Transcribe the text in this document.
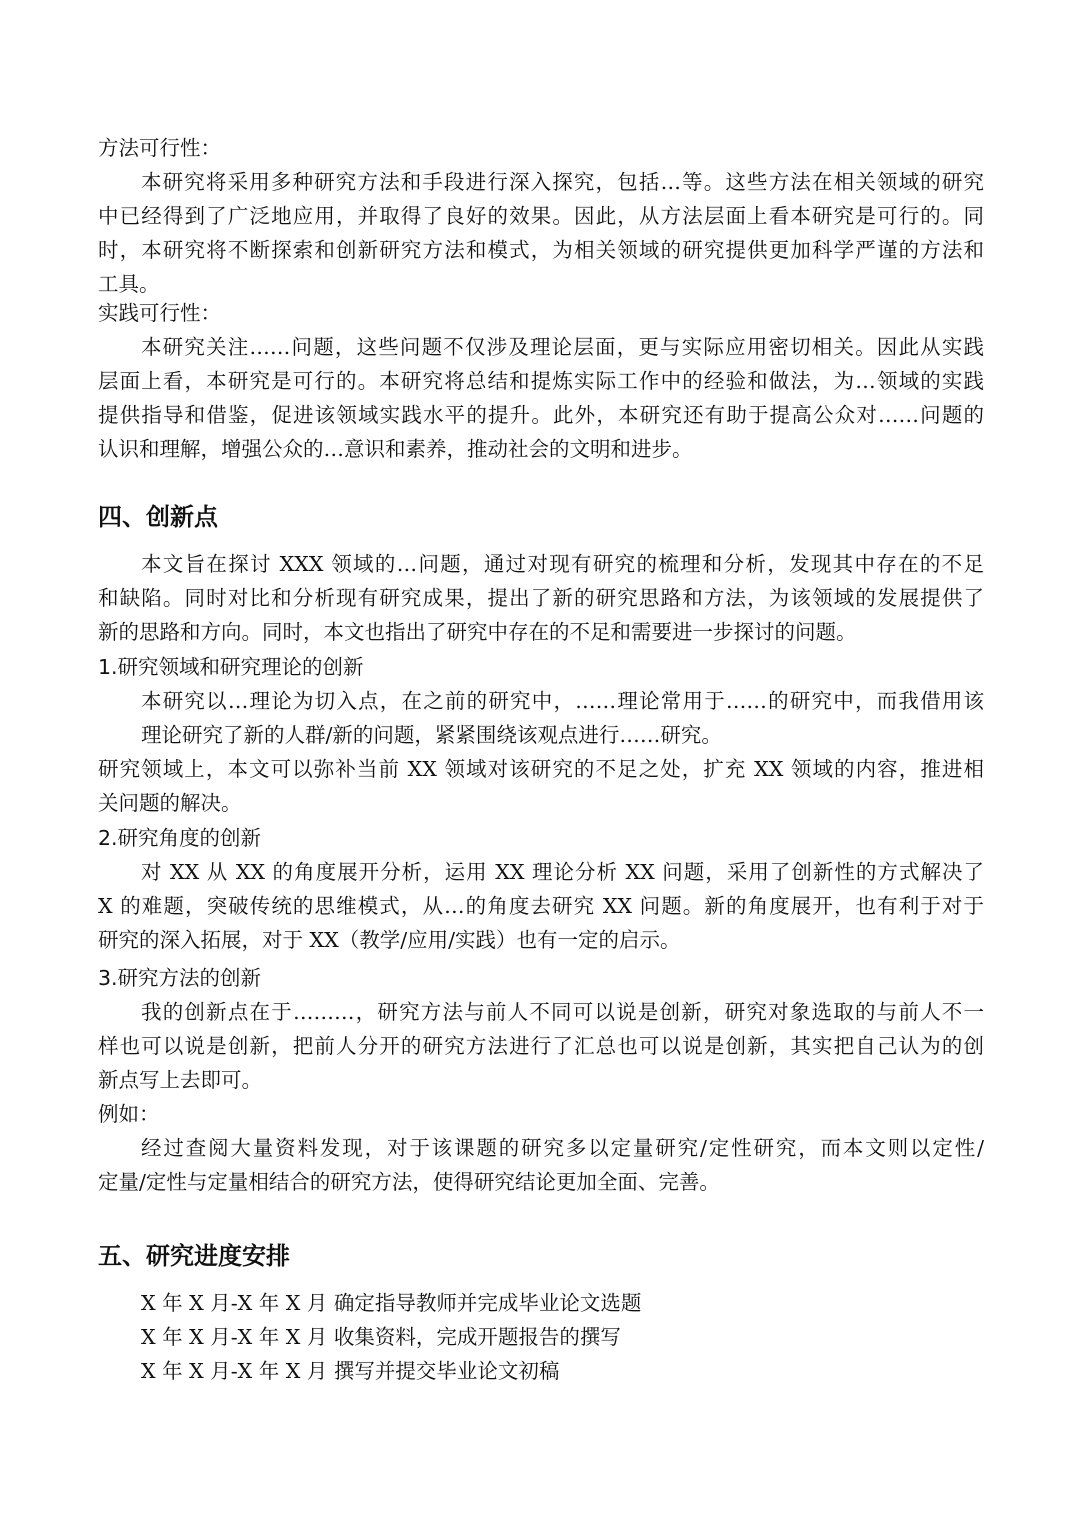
方法可行性：
本研究将采用多种研究方法和手段进行深入探究，包括…等。这些方法在相关领域的研究
中已经得到了广泛地应用，并取得了良好的效果。因此，从方法层面上看本研究是可行的。同
时，本研究将不断探索和创新研究方法和模式，为相关领域的研究提供更加科学严谨的方法和
工具。
实践可行性：
本研究关注……问题，这些问题不仅涉及理论层面，更与实际应用密切相关。因此从实践
层面上看，本研究是可行的。本研究将总结和提炼实际工作中的经验和做法，为…领域的实践
提供指导和借鉴，促进该领域实践水平的提升。此外，本研究还有助于提高公众对……问题的
认识和理解，增强公众的…意识和素养，推动社会的文明和进步。
四、创新点
本文旨在探讨 XXX 领域的…问题，通过对现有研究的梳理和分析，发现其中存在的不足
和缺陷。同时对比和分析现有研究成果，提出了新的研究思路和方法，为该领域的发展提供了
新的思路和方向。同时，本文也指出了研究中存在的不足和需要进一步探讨的问题。
1.研究领域和研究理论的创新
本研究以…理论为切入点，在之前的研究中，……理论常用于……的研究中，而我借用该
理论研究了新的人群/新的问题，紧紧围绕该观点进行……研究。
研究领域上，本文可以弥补当前 XX 领域对该研究的不足之处，扩充 XX 领域的内容，推进相
关问题的解决。
2.研究角度的创新
对 XX 从 XX 的角度展开分析，运用 XX 理论分析 XX 问题，采用了创新性的方式解决了
X 的难题，突破传统的思维模式，从…的角度去研究 XX 问题。新的角度展开，也有利于对于
研究的深入拓展，对于 XX（教学/应用/实践）也有一定的启示。
3.研究方法的创新
我的创新点在于………，研究方法与前人不同可以说是创新，研究对象选取的与前人不一
样也可以说是创新，把前人分开的研究方法进行了汇总也可以说是创新，其实把自己认为的创
新点写上去即可。
例如：
经过查阅大量资料发现，对于该课题的研究多以定量研究/定性研究，而本文则以定性/
定量/定性与定量相结合的研究方法，使得研究结论更加全面、完善。
五、研究进度安排
X 年 X 月-X 年 X 月 确定指导教师并完成毕业论文选题
X 年 X 月-X 年 X 月 收集资料，完成开题报告的撰写
X 年 X 月-X 年 X 月 撰写并提交毕业论文初稿
